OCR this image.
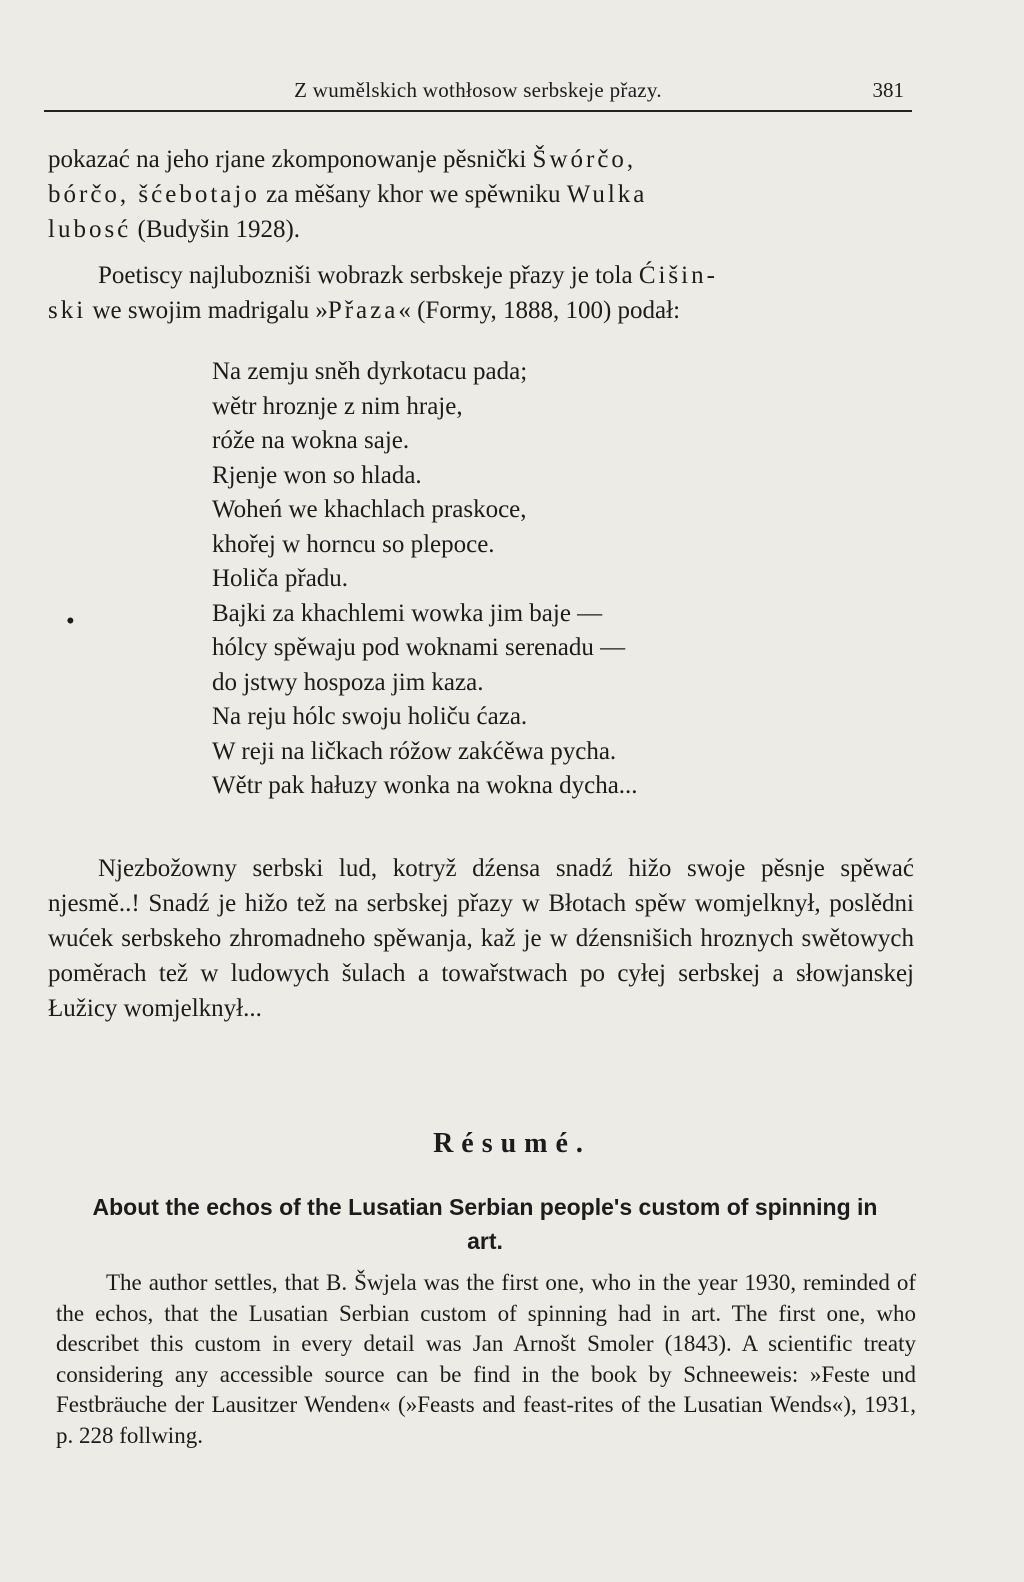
Z wumělskich wothłosow serbskeje přazy.	381

pokazać na jeho rjane zkomponowanje pěsnički Šwórčo,
bórčo, šćebotajo za měšany khor we spěwniku Wulka
lubosć (Budyšin 1928).

Poetiscy najlubozniši wobrazk serbskeje přazy je tola Ćišin-
ski we swojim madrigalu »Přaza« (Formy, 1888, 100) podał:

•
Na zemju sněh dyrkotacu pada;
wětr hroznje z nim hraje,
róže na wokna saje.
Rjenje won so hlada.
Woheń we khachlach praskoce,
khořej w horncu so plepoce.
Holiča přadu.
Bajki za khachlemi wowka jim baje —
hólcy spěwaju pod woknami serenadu —
do jstwy hospoza jim kaza.
Na reju hólc swoju holiču ćaza.
W reji na ličkach róžow zakćěwa pycha.
Wětr pak hałuzy wonka na wokna dycha...

Njezbožowny serbski lud, kotryž dźensa snadź hižo swoje pěsnje spěwać njesmě..! Snadź je hižo tež na serbskej přazy w Błotach spěw womjelknył, poslědni wućek serbskeho zhromadneho spěwanja, kaž je w dźensnišich hroznych swětowych poměrach tež w ludowych šulach a towařstwach po cyłej serbskej a słowjanskej Łužicy womjelknył...

Résumé.
About the echos of the Lusatian Serbian people's custom of spinning in art.

The author settles, that B. Šwjela was the first one, who in the year 1930, reminded of the echos, that the Lusatian Serbian custom of spinning had in art. The first one, who describet this custom in every detail was Jan Arnošt Smoler (1843). A scientific treaty considering any accessible source can be find in the book by Schneeweis: »Feste und Festbräuche der Lausitzer Wenden« (»Feasts and feast-rites of the Lusatian Wends«), 1931, p. 228 follwing.
